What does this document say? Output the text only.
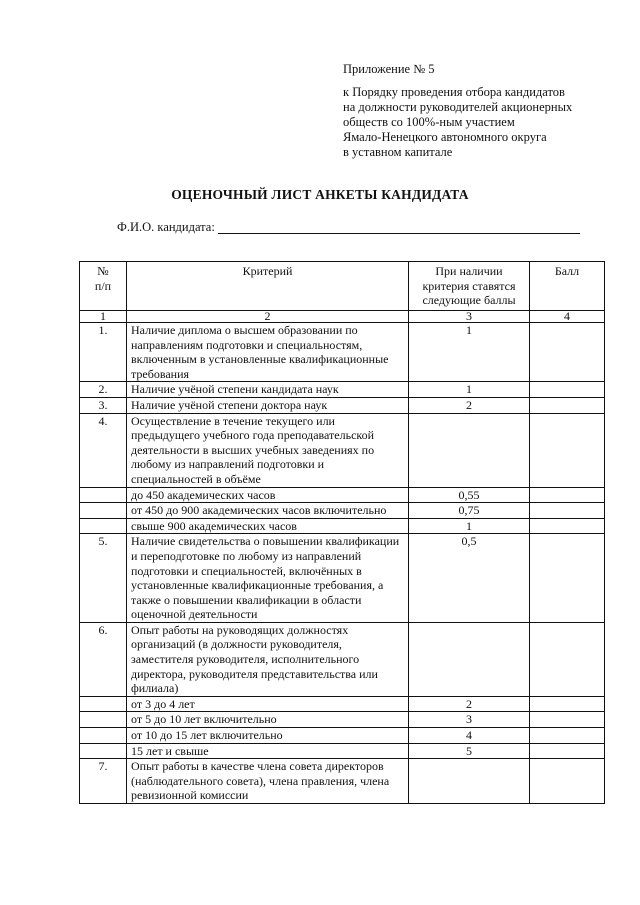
Приложение № 5
к Порядку проведения отбора кандидатов
на должности руководителей акционерных
обществ со 100%-ным участием
Ямало-Ненецкого автономного округа
в уставном капитале
ОЦЕНОЧНЫЙ ЛИСТ АНКЕТЫ КАНДИДАТА
Ф.И.О. кандидата:
№ п/п	Критерий	При наличии критерия ставятся следующие баллы	Балл
1	2	3	4
1.	Наличие диплома о высшем образовании по направлениям подготовки и специальностям, включенным в установленные квалификационные требования	1	
2.	Наличие учёной степени кандидата наук	1	
3.	Наличие учёной степени доктора наук	2	
4.	Осуществление в течение текущего или предыдущего учебного года преподавательской деятельности в высших учебных заведениях по любому из направлений подготовки и специальностей в объёме		
	до 450 академических часов	0,55	
	от 450 до 900 академических часов включительно	0,75	
	свыше 900 академических часов	1	
5.	Наличие свидетельства о повышении квалификации и переподготовке по любому из направлений подготовки и специальностей, включённых в установленные квалификационные требования, а также о повышении квалификации в области оценочной деятельности	0,5	
6.	Опыт работы на руководящих должностях организаций (в должности руководителя, заместителя руководителя, исполнительного директора, руководителя представительства или филиала)		
	от 3 до 4 лет	2	
	от 5 до 10 лет включительно	3	
	от 10 до 15 лет включительно	4	
	15 лет и свыше	5	
7.	Опыт работы в качестве члена совета директоров (наблюдательного совета), члена правления, члена ревизионной комиссии		
